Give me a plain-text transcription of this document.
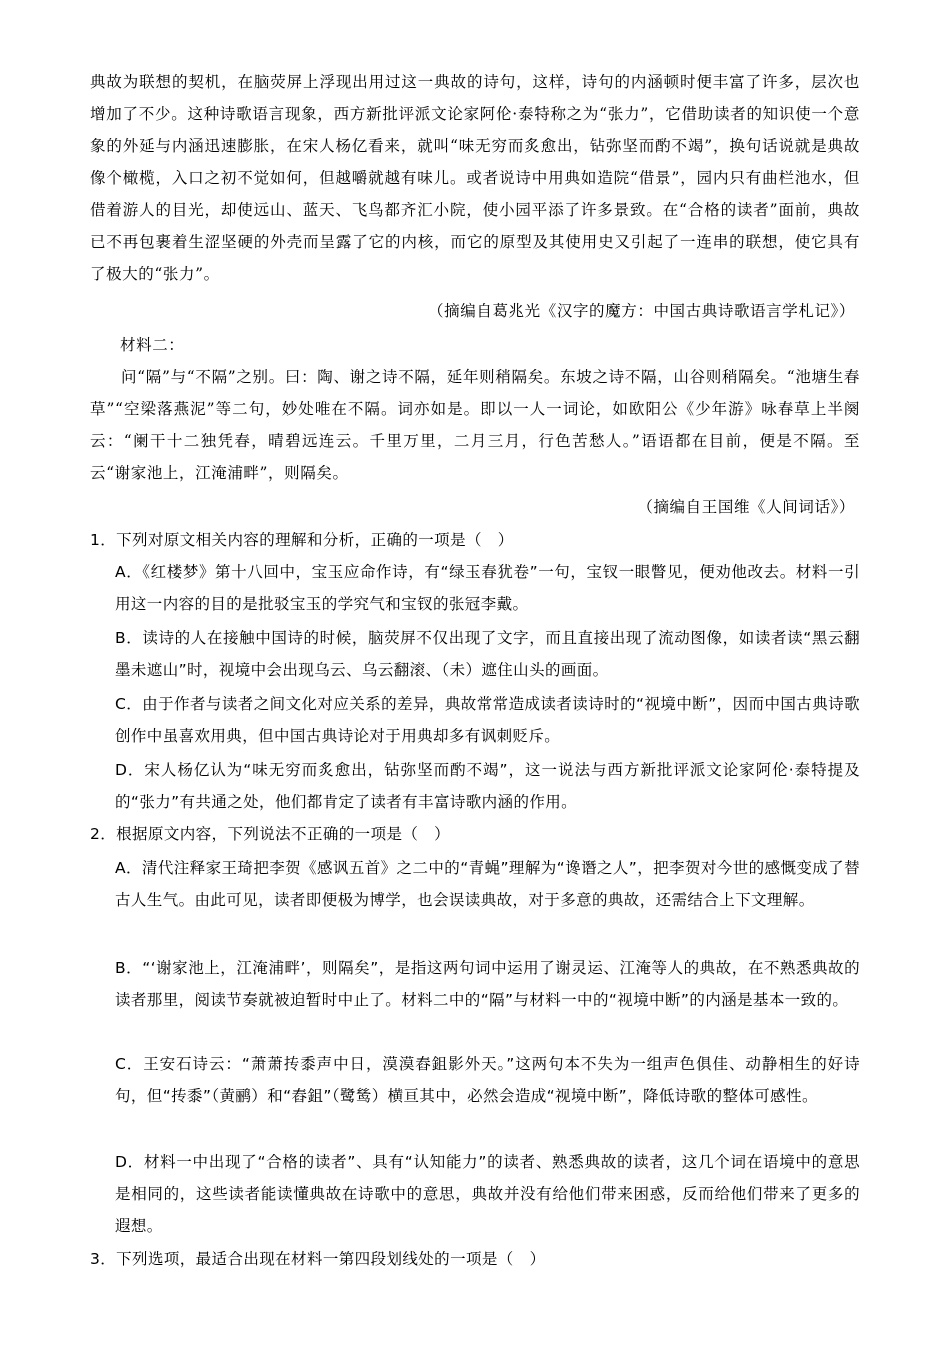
典故为联想的契机，在脑荧屏上浮现出用过这一典故的诗句，这样，诗句的内涵顿时便丰富了许多，层次也增加了不少。这种诗歌语言现象，西方新批评派文论家阿伦·泰特称之为“张力”，它借助读者的知识使一个意象的外延与内涵迅速膨胀，在宋人杨亿看来，就叫“味无穷而炙愈出，钻弥坚而酌不竭”，换句话说就是典故像个橄榄，入口之初不觉如何，但越嚼就越有味儿。或者说诗中用典如造院“借景”，园内只有曲栏池水，但借着游人的目光，却使远山、蓝天、飞鸟都齐汇小院，使小园平添了许多景致。在“合格的读者”面前，典故已不再包裹着生涩坚硬的外壳而呈露了它的内核，而它的原型及其使用史又引起了一连串的联想，使它具有了极大的“张力”。
（摘编自葛兆光《汉字的魔方：中国古典诗歌语言学札记》）
材料二：
问“隔”与“不隔”之别。曰：陶、谢之诗不隔，延年则稍隔矣。东坡之诗不隔，山谷则稍隔矣。“池塘生春草”“空梁落燕泥”等二句，妙处唯在不隔。词亦如是。即以一人一词论，如欧阳公《少年游》咏春草上半阕云：“阑干十二独凭春，晴碧远连云。千里万里，二月三月，行色苦愁人。”语语都在目前，便是不隔。至云“谢家池上，江淹浦畔”，则隔矣。
（摘编自王国维《人间词话》）
1．下列对原文相关内容的理解和分析，正确的一项是（　）
A．《红楼梦》第十八回中，宝玉应命作诗，有“绿玉春犹卷”一句，宝钗一眼瞥见，便劝他改去。材料一引用这一内容的目的是批驳宝玉的学究气和宝钗的张冠李戴。
B．读诗的人在接触中国诗的时候，脑荧屏不仅出现了文字，而且直接出现了流动图像，如读者读“黑云翻墨未遮山”时，视境中会出现乌云、乌云翻滚、（未）遮住山头的画面。
C．由于作者与读者之间文化对应关系的差异，典故常常造成读者读诗时的“视境中断”，因而中国古典诗歌创作中虽喜欢用典，但中国古典诗论对于用典却多有讽刺贬斥。
D．宋人杨亿认为“味无穷而炙愈出，钻弥坚而酌不竭”，这一说法与西方新批评派文论家阿伦·泰特提及的“张力”有共通之处，他们都肯定了读者有丰富诗歌内涵的作用。
2．根据原文内容，下列说法不正确的一项是（　）
A．清代注释家王琦把李贺《感讽五首》之二中的“青蝇”理解为“谗谮之人”，把李贺对今世的感慨变成了替古人生气。由此可见，读者即便极为博学，也会误读典故，对于多意的典故，还需结合上下文理解。
B．“‘谢家池上，江淹浦畔’，则隔矣”，是指这两句词中运用了谢灵运、江淹等人的典故，在不熟悉典故的读者那里，阅读节奏就被迫暂时中止了。材料二中的“隔”与材料一中的“视境中断”的内涵是基本一致的。
C．王安石诗云：“萧萧抟黍声中日，漠漠舂鉏影外天。”这两句本不失为一组声色俱佳、动静相生的好诗句，但“抟黍”（黄鹂）和“舂鉏”（鹭鸶）横亘其中，必然会造成“视境中断”，降低诗歌的整体可感性。
D．材料一中出现了“合格的读者”、具有“认知能力”的读者、熟悉典故的读者，这几个词在语境中的意思是相同的，这些读者能读懂典故在诗歌中的意思，典故并没有给他们带来困惑，反而给他们带来了更多的遐想。
3．下列选项，最适合出现在材料一第四段划线处的一项是（　）
